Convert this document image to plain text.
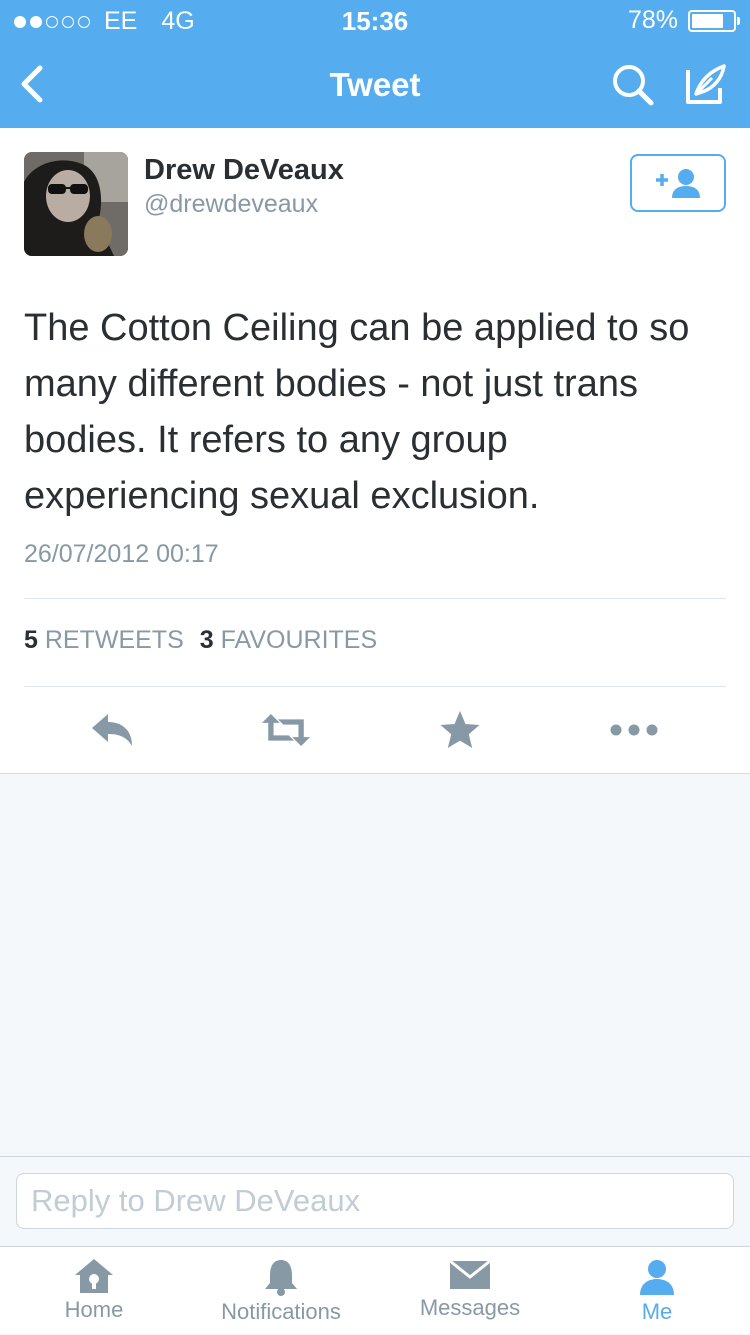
EE 4G	15:36	78%
Tweet
Drew DeVeaux
@drewdeveaux
The Cotton Ceiling can be applied to so many different bodies - not just trans bodies. It refers to any group experiencing sexual exclusion.
26/07/2012 00:17
5 RETWEETS 3 FAVOURITES
Reply to Drew DeVeaux
Home	Notifications	Messages	Me
